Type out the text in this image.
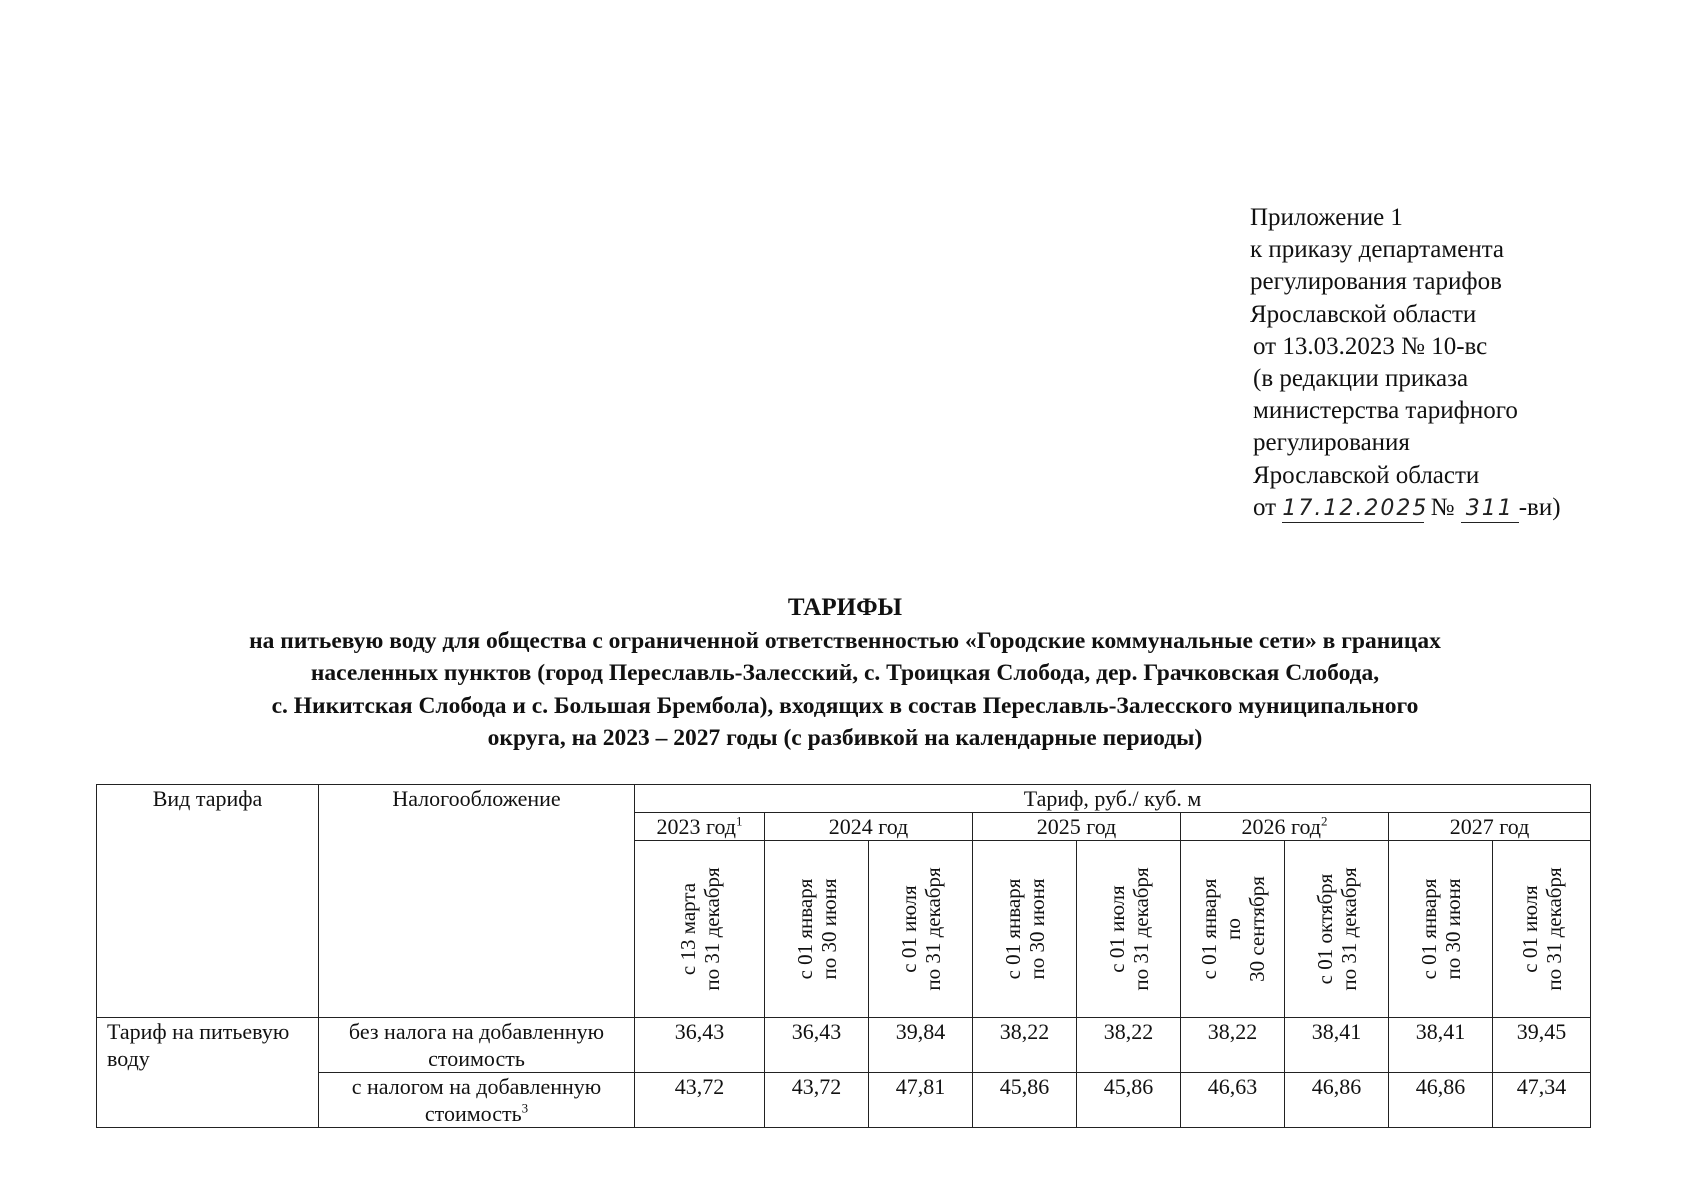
Приложение 1
к приказу департамента
регулирования тарифов
Ярославской области
от 13.03.2023 № 10-вс
(в редакции приказа
министерства тарифного
регулирования
Ярославской области
от 17.12.2025 № 311 -ви)
ТАРИФЫ
на питьевую воду для общества с ограниченной ответственностью «Городские коммунальные сети» в границах
населенных пунктов (город Переславль-Залесский, с. Троицкая Слобода, дер. Грачковская Слобода,
с. Никитская Слобода и с. Большая Брембола), входящих в состав Переславль-Залесского муниципального
округа, на 2023 – 2027 годы (с разбивкой на календарные периоды)
Вид тарифа	Налогообложение	Тариф, руб./ куб. м								
		2023 год$^1$	2024 год		2025 год		2026 год$^2$		2027 год	

		с 13 марта по 31 декабря	с 01 января по 30 июня	с 01 июля по 31 декабря	с 01 января по 30 июня	с 01 июля по 31 декабря	с 01 января по 30 сентября	с 01 октября по 31 декабря	с 01 января по 30 июня	с 01 июля по 31 декабря

Тариф на питьевую воду	без налога на добавленную стоимость	36,43	36,43	39,84	38,22	38,22	38,22	38,41	38,41	39,45
	с налогом на добавленную стоимость$^3$	43,72	43,72	47,81	45,86	45,86	46,63	46,86	46,86	47,34
